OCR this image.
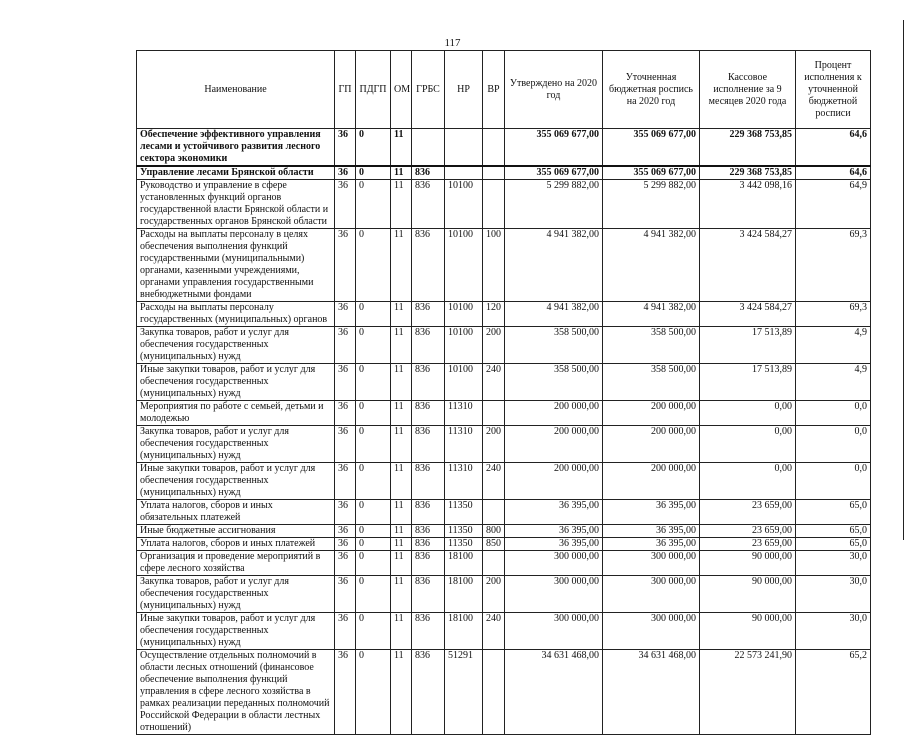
117
Наименование	ГП	ПДГП	ОМ	ГРБС	НР	ВР	Утверждено на 2020 год	Уточненная бюджетная роспись на 2020 год	Кассовое исполнение за 9 месяцев 2020 года	Процент исполнения к уточненной бюджетной росписи
Обеспечение эффективного управления лесами и устойчивого развития лесного сектора экономики	36	0	11				355 069 677,00	355 069 677,00	229 368 753,85	64,6
Управление лесами Брянской области	36	0	11	836			355 069 677,00	355 069 677,00	229 368 753,85	64,6
Руководство и управление в сфере установленных функций органов государственной власти Брянской области и государственных органов Брянской области	36	0	11	836	10100		5 299 882,00	5 299 882,00	3 442 098,16	64,9
Расходы на выплаты персоналу в целях обеспечения выполнения функций государственными (муниципальными) органами, казенными учреждениями, органами управления государственными внебюджетными фондами	36	0	11	836	10100	100	4 941 382,00	4 941 382,00	3 424 584,27	69,3
Расходы на выплаты персоналу государственных (муниципальных) органов	36	0	11	836	10100	120	4 941 382,00	4 941 382,00	3 424 584,27	69,3
Закупка товаров, работ и услуг для обеспечения государственных (муниципальных) нужд	36	0	11	836	10100	200	358 500,00	358 500,00	17 513,89	4,9
Иные закупки товаров, работ и услуг для обеспечения государственных (муниципальных) нужд	36	0	11	836	10100	240	358 500,00	358 500,00	17 513,89	4,9
Мероприятия по работе с семьей, детьми и молодежью	36	0	11	836	11310		200 000,00	200 000,00	0,00	0,0
Закупка товаров, работ и услуг для обеспечения государственных (муниципальных) нужд	36	0	11	836	11310	200	200 000,00	200 000,00	0,00	0,0
Иные закупки товаров, работ и услуг для обеспечения государственных (муниципальных) нужд	36	0	11	836	11310	240	200 000,00	200 000,00	0,00	0,0
Уплата налогов, сборов и иных обязательных платежей	36	0	11	836	11350		36 395,00	36 395,00	23 659,00	65,0
Иные бюджетные ассигнования	36	0	11	836	11350	800	36 395,00	36 395,00	23 659,00	65,0
Уплата налогов, сборов и иных платежей	36	0	11	836	11350	850	36 395,00	36 395,00	23 659,00	65,0
Организация и проведение мероприятий в сфере лесного хозяйства	36	0	11	836	18100		300 000,00	300 000,00	90 000,00	30,0
Закупка товаров, работ и услуг для обеспечения государственных (муниципальных) нужд	36	0	11	836	18100	200	300 000,00	300 000,00	90 000,00	30,0
Иные закупки товаров, работ и услуг для обеспечения государственных (муниципальных) нужд	36	0	11	836	18100	240	300 000,00	300 000,00	90 000,00	30,0
Осуществление отдельных полномочий в области лесных отношений (финансовое обеспечение выполнения функций управления в сфере лесного хозяйства в рамках реализации переданных полномочий Российской Федерации в области лестных отношений)	36	0	11	836	51291		34 631 468,00	34 631 468,00	22 573 241,90	65,2
